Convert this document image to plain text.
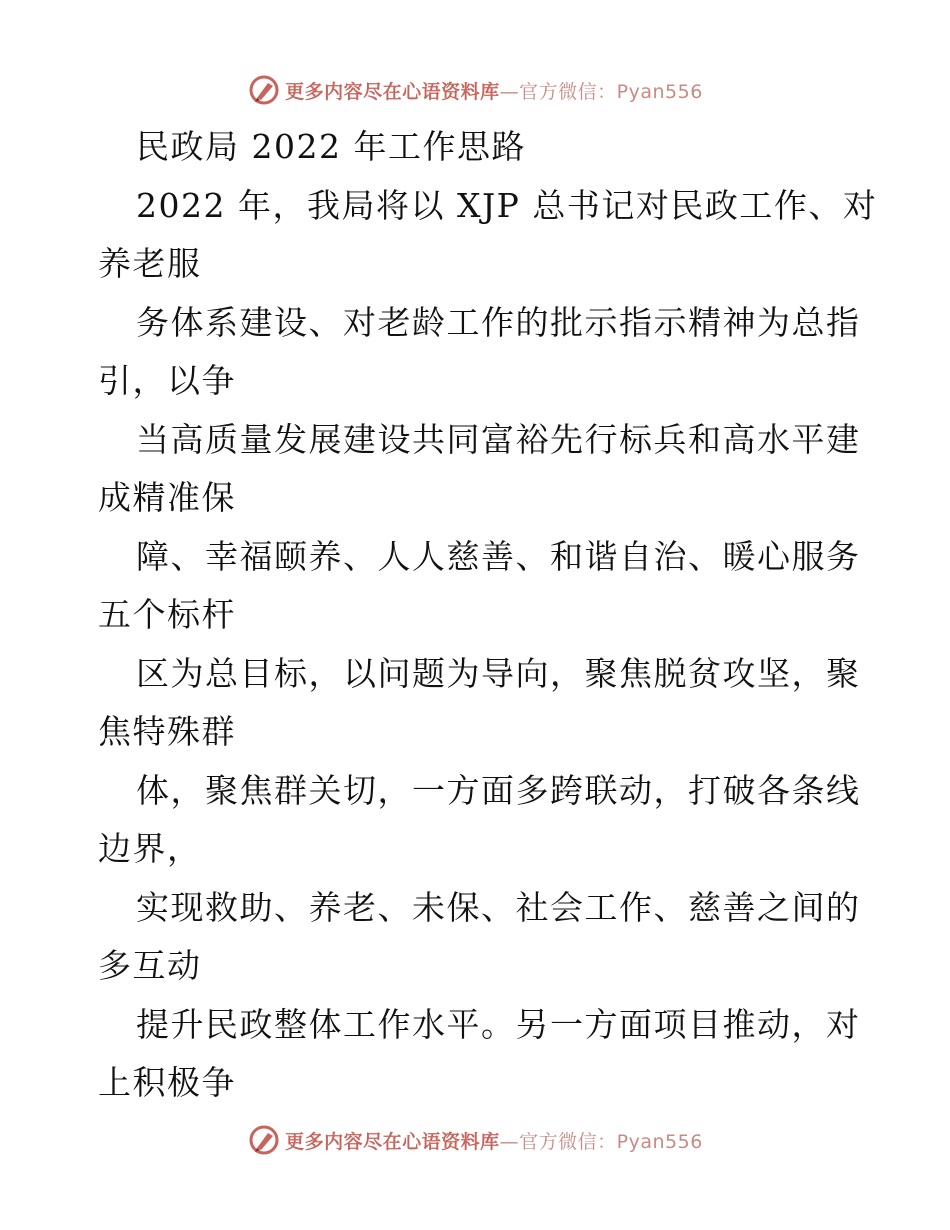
更多内容尽在心语资料库—官方微信：Pyan556
民政局 2022 年工作思路
2022 年，我局将以 XJP 总书记对民政工作、对
养老服
务体系建设、对老龄工作的批示指示精神为总指
引，以争
当高质量发展建设共同富裕先行标兵和高水平建
成精准保
障、幸福颐养、人人慈善、和谐自治、暖心服务
五个标杆
区为总目标，以问题为导向，聚焦脱贫攻坚，聚
焦特殊群
体，聚焦群关切，一方面多跨联动，打破各条线
边界，
实现救助、养老、未保、社会工作、慈善之间的
多互动
提升民政整体工作水平。另一方面项目推动，对
上积极争
更多内容尽在心语资料库—官方微信：Pyan556
